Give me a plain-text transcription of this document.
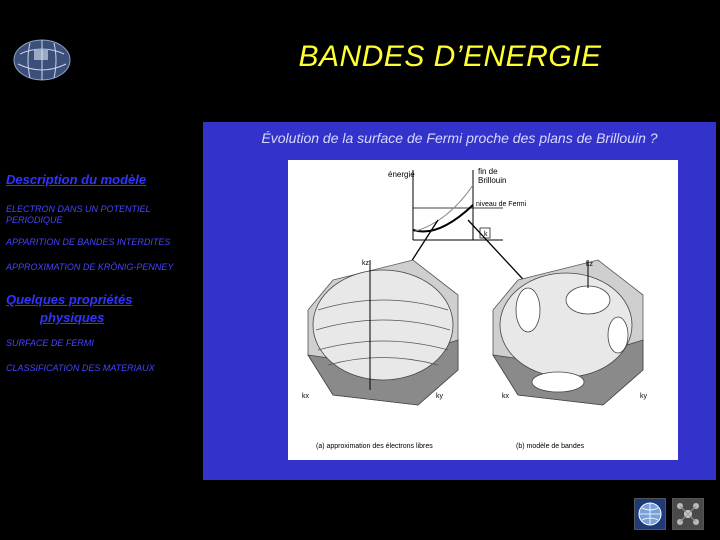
BANDES D’ENERGIE
Description du modèle
ELECTRON DANS UN POTENTIEL PERIODIQUE
APPARITION DE BANDES INTERDITES
APPROXIMATION DE KRÖNIG-PENNEY
Quelques propriétés
physiques
SURFACE DE FERMI
CLASSIFICATION DES MATERIAUX
Évolution de la surface de Fermi proche des plans de Brillouin ?
énergie	fin de
Brillouin
niveau de Fermi
k
kz
kx	ky
kz
kx	ky
(a) approximation des électrons libres	(b) modèle de bandes
